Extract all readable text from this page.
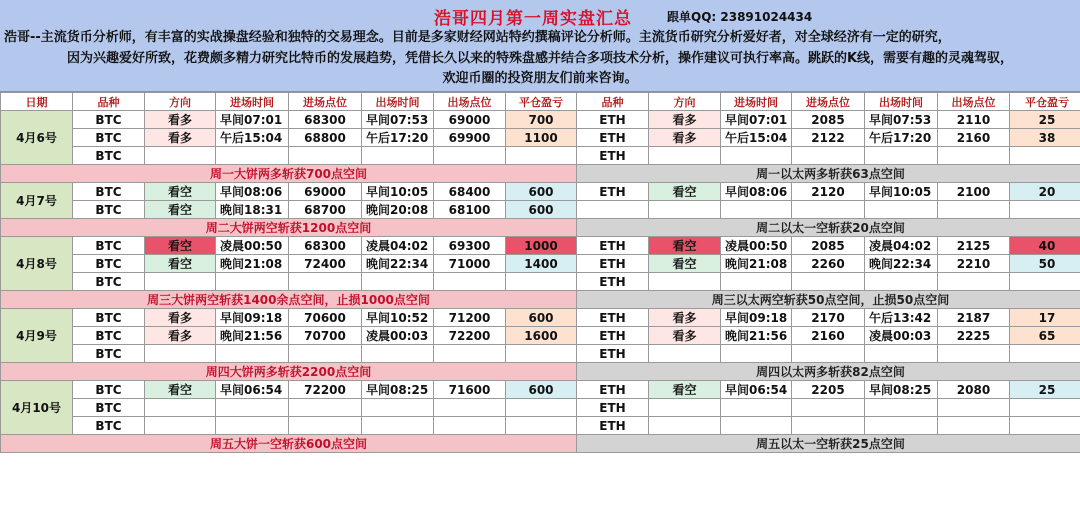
浩哥四月第一周实盘汇总	跟单QQ: 23891024434
浩哥--主流货币分析师，有丰富的实战操盘经验和独特的交易理念。目前是多家财经网站特约撰稿评论分析师。主流货币研究分析爱好者，对全球经济有一定的研究，
因为兴趣爱好所致，花费颇多精力研究比特币的发展趋势，凭借长久以来的特殊盘感并结合多项技术分析，操作建议可执行率高。跳跃的K线，需要有趣的灵魂驾驭，
欢迎币圈的投资朋友们前来咨询。
日期	品种	方向	进场时间	进场点位	出场时间	出场点位	平仓盈亏	品种	方向	进场时间	进场点位	出场时间	出场点位	平仓盈亏
4月6号	BTC	看多	早间07:01	68300	早间07:53	69000	700	ETH	看多	早间07:01	2085	早间07:53	2110	25
	BTC	看多	午后15:04	68800	午后17:20	69900	1100	ETH	看多	午后15:04	2122	午后17:20	2160	38
	BTC							ETH						
周一大饼两多斩获700点空间								周一以太两多斩获63点空间						
4月7号	BTC	看空	早间08:06	69000	早间10:05	68400	600	ETH	看空	早间08:06	2120	早间10:05	2100	20
	BTC	看空	晚间18:31	68700	晚间20:08	68100	600							
周二大饼两空斩获1200点空间								周二以太一空斩获20点空间						
4月8号	BTC	看空	凌晨00:50	68300	凌晨04:02	69300	1000	ETH	看空	凌晨00:50	2085	凌晨04:02	2125	40
	BTC	看空	晚间21:08	72400	晚间22:34	71000	1400	ETH	看空	晚间21:08	2260	晚间22:34	2210	50
	BTC							ETH						
周三大饼两空斩获1400余点空间，止损1000点空间								周三以太两空斩获50点空间，止损50点空间						
4月9号	BTC	看多	早间09:18	70600	早间10:52	71200	600	ETH	看多	早间09:18	2170	午后13:42	2187	17
	BTC	看多	晚间21:56	70700	凌晨00:03	72200	1600	ETH	看多	晚间21:56	2160	凌晨00:03	2225	65
	BTC							ETH						
周四大饼两多斩获2200点空间								周四以太两多斩获82点空间						
4月10号	BTC	看空	早间06:54	72200	早间08:25	71600	600	ETH	看空	早间06:54	2205	早间08:25	2080	25
	BTC							ETH						
	BTC							ETH						
周五大饼一空斩获600点空间								周五以太一空斩获25点空间						
